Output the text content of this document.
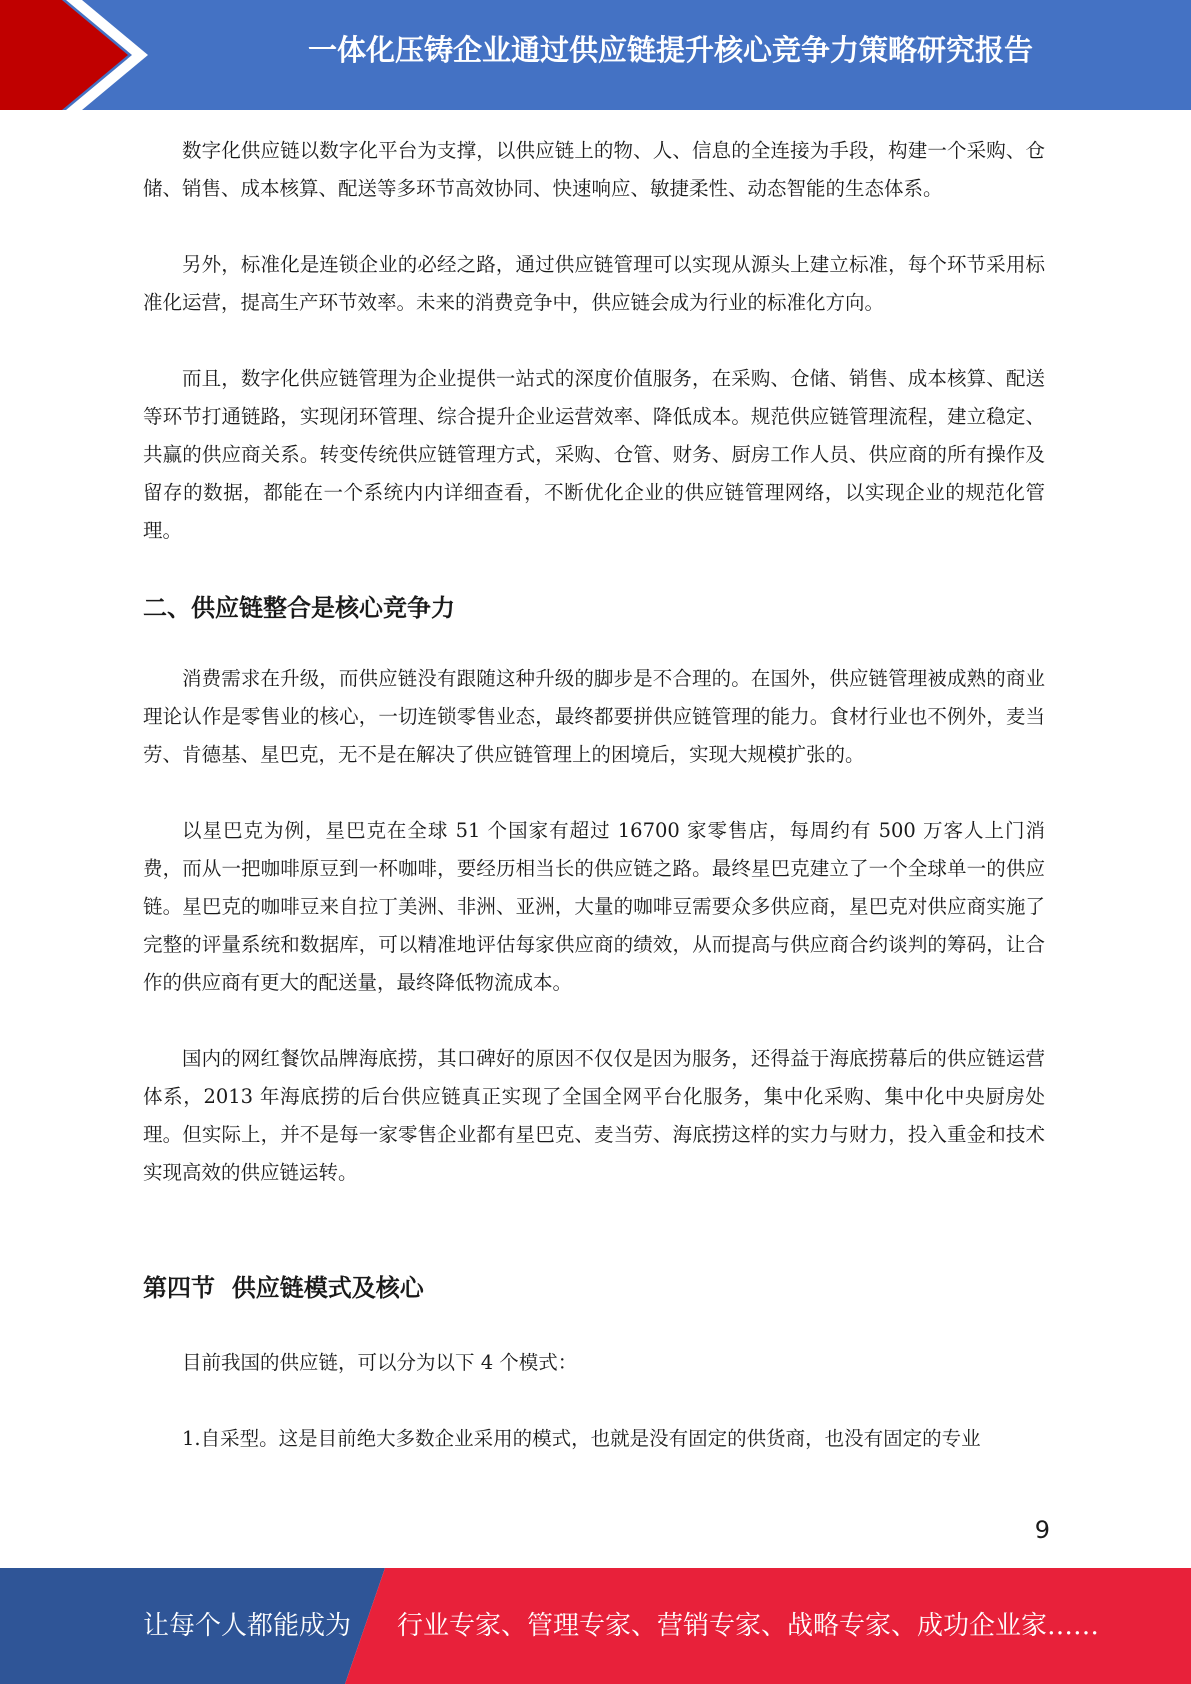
一体化压铸企业通过供应链提升核心竞争力策略研究报告

数字化供应链以数字化平台为支撑，以供应链上的物、人、信息的全连接为手段，构建一个采购、仓储、销售、成本核算、配送等多环节高效协同、快速响应、敏捷柔性、动态智能的生态体系。

另外，标准化是连锁企业的必经之路，通过供应链管理可以实现从源头上建立标准，每个环节采用标准化运营，提高生产环节效率。未来的消费竞争中，供应链会成为行业的标准化方向。

而且，数字化供应链管理为企业提供一站式的深度价值服务，在采购、仓储、销售、成本核算、配送等环节打通链路，实现闭环管理、综合提升企业运营效率、降低成本。规范供应链管理流程，建立稳定、共赢的供应商关系。转变传统供应链管理方式，采购、仓管、财务、厨房工作人员、供应商的所有操作及留存的数据，都能在一个系统内内详细查看，不断优化企业的供应链管理网络，以实现企业的规范化管理。

二、供应链整合是核心竞争力

消费需求在升级，而供应链没有跟随这种升级的脚步是不合理的。在国外，供应链管理被成熟的商业理论认作是零售业的核心，一切连锁零售业态，最终都要拼供应链管理的能力。食材行业也不例外，麦当劳、肯德基、星巴克，无不是在解决了供应链管理上的困境后，实现大规模扩张的。

以星巴克为例，星巴克在全球 51 个国家有超过 16700 家零售店，每周约有 500 万客人上门消费，而从一把咖啡原豆到一杯咖啡，要经历相当长的供应链之路。最终星巴克建立了一个全球单一的供应链。星巴克的咖啡豆来自拉丁美洲、非洲、亚洲，大量的咖啡豆需要众多供应商，星巴克对供应商实施了完整的评量系统和数据库，可以精准地评估每家供应商的绩效，从而提高与供应商合约谈判的筹码，让合作的供应商有更大的配送量，最终降低物流成本。

国内的网红餐饮品牌海底捞，其口碑好的原因不仅仅是因为服务，还得益于海底捞幕后的供应链运营体系，2013 年海底捞的后台供应链真正实现了全国全网平台化服务，集中化采购、集中化中央厨房处理。但实际上，并不是每一家零售企业都有星巴克、麦当劳、海底捞这样的实力与财力，投入重金和技术实现高效的供应链运转。

第四节  供应链模式及核心

目前我国的供应链，可以分为以下 4 个模式：

1.自采型。这是目前绝大多数企业采用的模式，也就是没有固定的供货商，也没有固定的专业

9
让每个人都能成为 行业专家、管理专家、营销专家、战略专家、成功企业家……
